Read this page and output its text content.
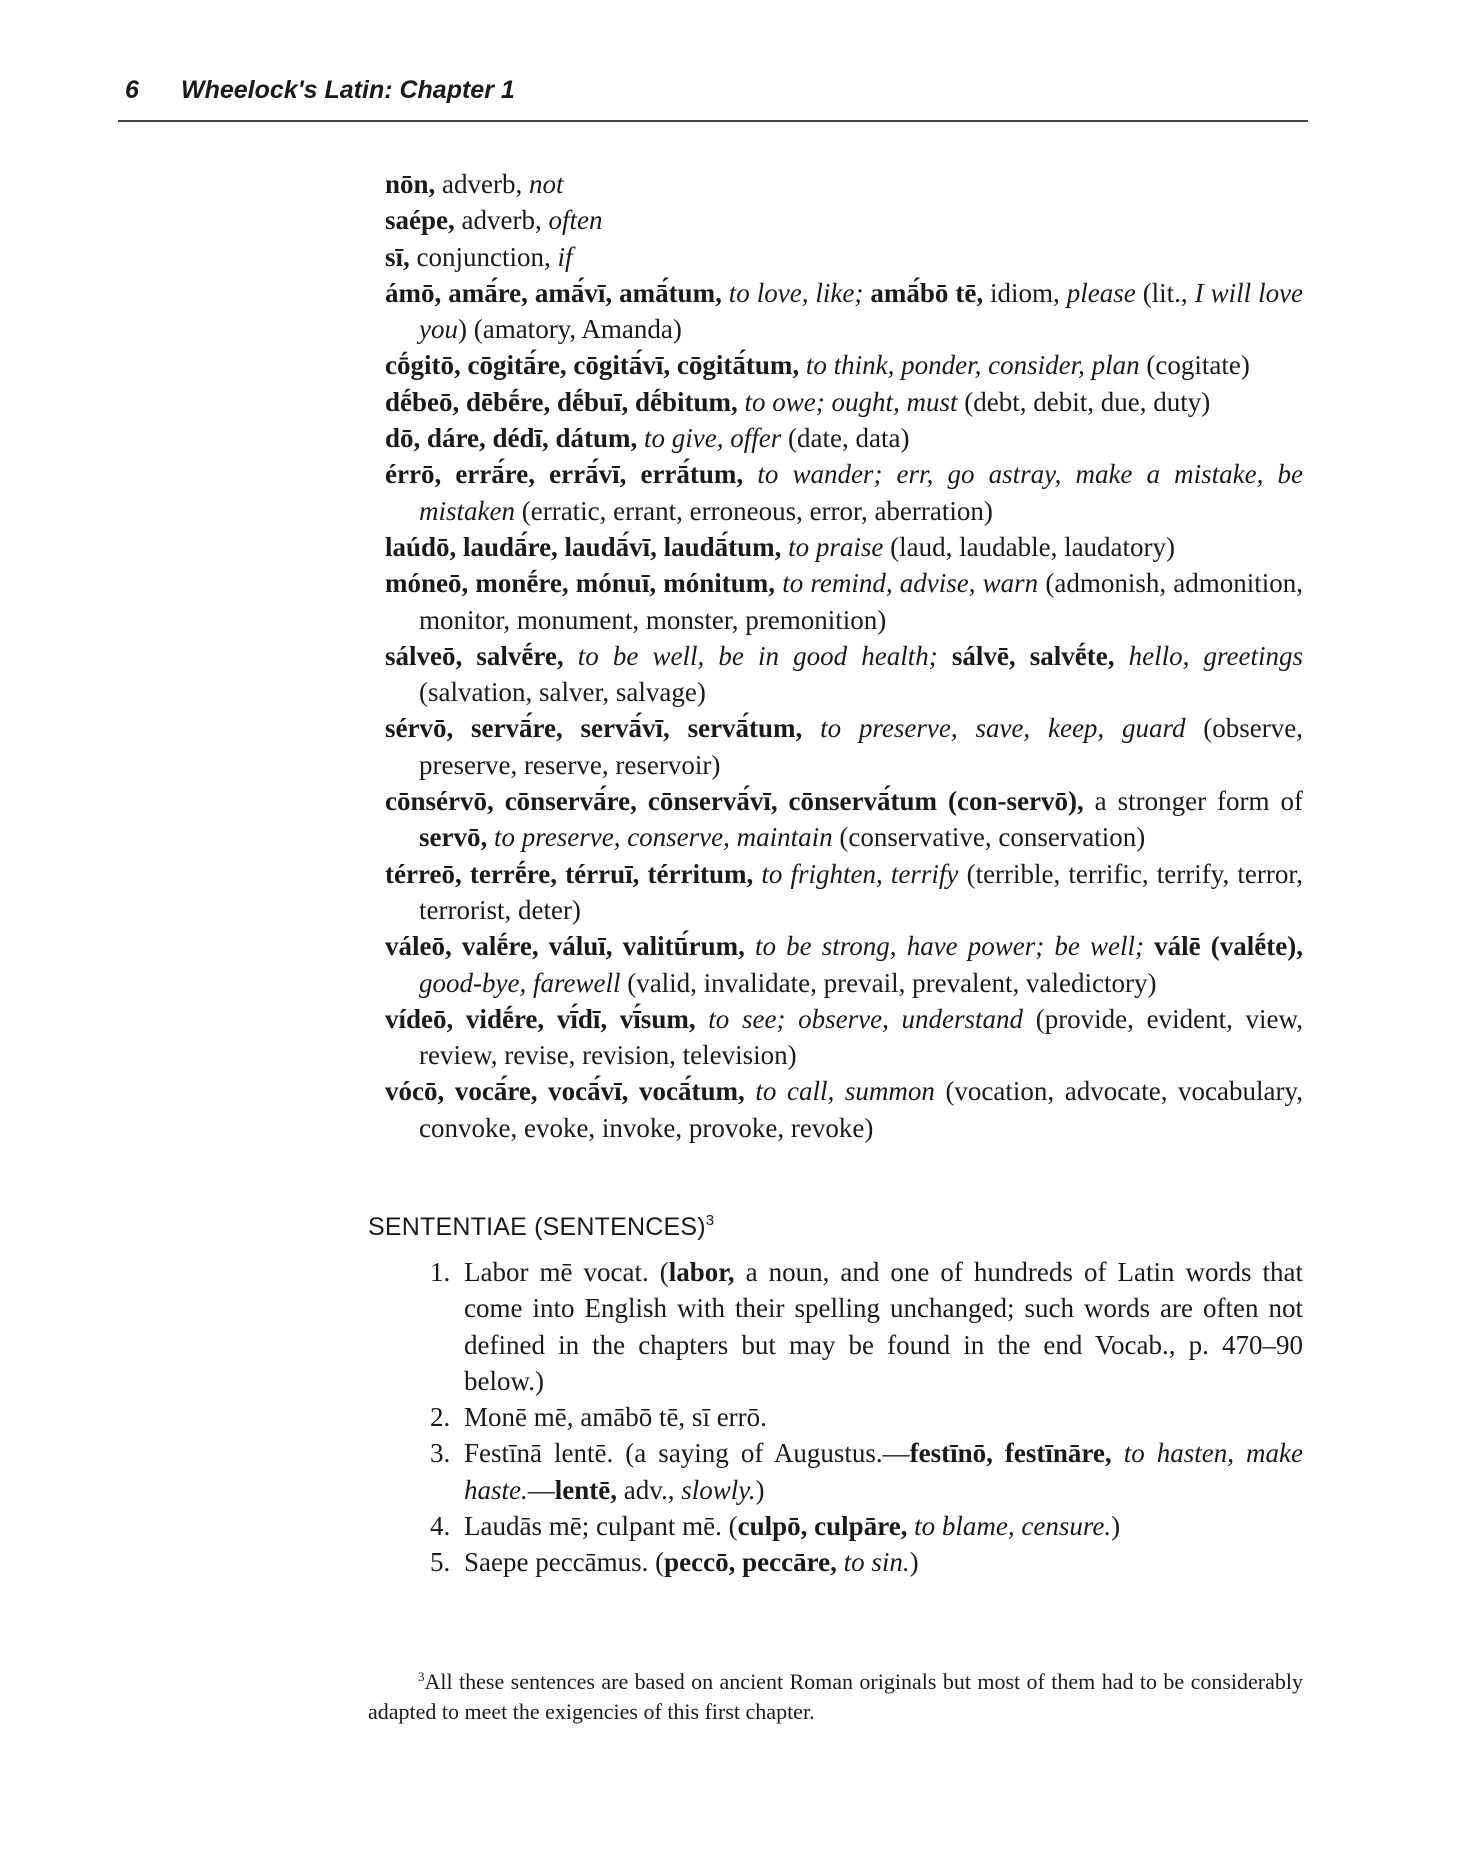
6 Wheelock's Latin: Chapter 1
nōn, adverb, not
saépe, adverb, often
sī, conjunction, if
ámō, amā́re, amā́vī, amā́tum, to love, like; amā́bō tē, idiom, please (lit., I will love you) (amatory, Amanda)
cṓgitō, cōgitā́re, cōgitā́vī, cōgitā́tum, to think, ponder, consider, plan (cogitate)
dḗbeō, dēbḗre, dḗbuī, dḗbitum, to owe; ought, must (debt, debit, due, duty)
dō, dáre, dédī, dátum, to give, offer (date, data)
érrō, errā́re, errā́vī, errā́tum, to wander; err, go astray, make a mistake, be mistaken (erratic, errant, erroneous, error, aberration)
laúdō, laudā́re, laudā́vī, laudā́tum, to praise (laud, laudable, laudatory)
móneō, monḗre, mónuī, mónitum, to remind, advise, warn (admonish, admonition, monitor, monument, monster, premonition)
sálveō, salvḗre, to be well, be in good health; sálvē, salvḗte, hello, greetings (salvation, salver, salvage)
sérvō, servā́re, servā́vī, servā́tum, to preserve, save, keep, guard (observe, preserve, reserve, reservoir)
cōnsérvō, cōnservā́re, cōnservā́vī, cōnservā́tum (con-servō), a stronger form of servō, to preserve, conserve, maintain (conservative, conservation)
térreō, terrḗre, térruī, térritum, to frighten, terrify (terrible, terrific, terrify, terror, terrorist, deter)
váleō, valḗre, váluī, valitū́rum, to be strong, have power; be well; válē (valḗte), good-bye, farewell (valid, invalidate, prevail, prevalent, valedictory)
vídeō, vidḗre, vī́dī, vī́sum, to see; observe, understand (provide, evident, view, review, revise, revision, television)
vócō, vocā́re, vocā́vī, vocā́tum, to call, summon (vocation, advocate, vocabulary, convoke, evoke, invoke, provoke, revoke)
SENTENTIAE (SENTENCES)$^3$
1. Labor mē vocat. (labor, a noun, and one of hundreds of Latin words that come into English with their spelling unchanged; such words are often not defined in the chapters but may be found in the end Vocab., p. 470–90 below.)
2. Monē mē, amābō tē, sī errō.
3. Festīnā lentē. (a saying of Augustus.—festīnō, festīnāre, to hasten, make haste.—lentē, adv., slowly.)
4. Laudās mē; culpant mē. (culpō, culpāre, to blame, censure.)
5. Saepe peccāmus. (peccō, peccāre, to sin.)
$^3$All these sentences are based on ancient Roman originals but most of them had to be considerably adapted to meet the exigencies of this first chapter.
